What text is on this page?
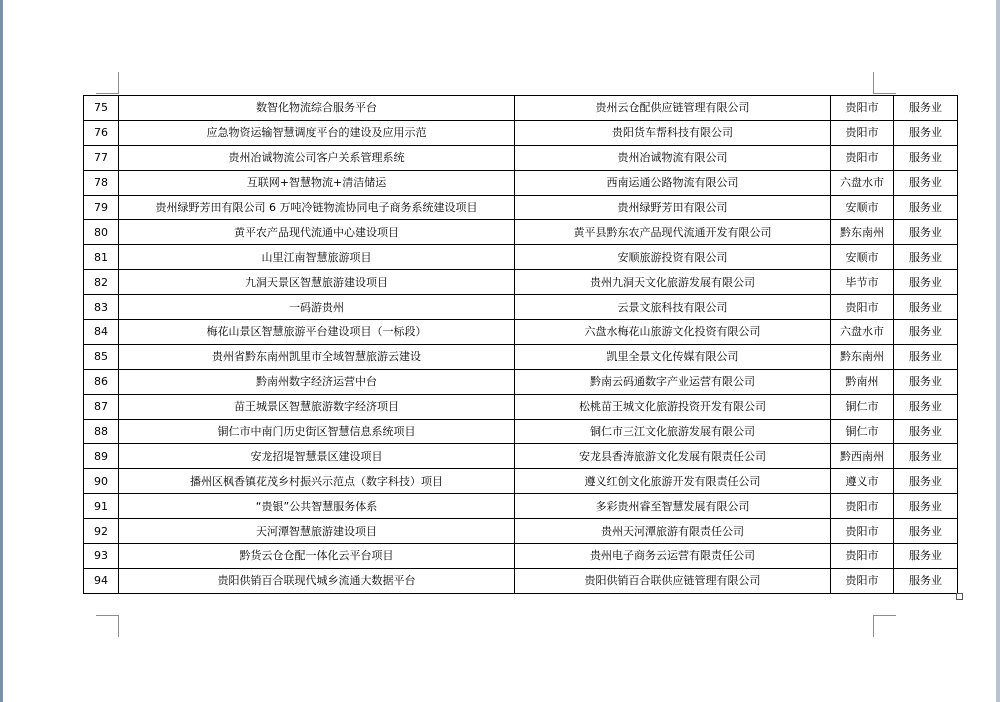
75	数智化物流综合服务平台	贵州云仓配供应链管理有限公司	贵阳市	服务业
76	应急物资运输智慧调度平台的建设及应用示范	贵阳货车帮科技有限公司	贵阳市	服务业
77	贵州冶诚物流公司客户关系管理系统	贵州冶诚物流有限公司	贵阳市	服务业
78	互联网+智慧物流+清洁储运	西南运通公路物流有限公司	六盘水市	服务业
79	贵州绿野芳田有限公司 6 万吨冷链物流协同电子商务系统建设项目	贵州绿野芳田有限公司	安顺市	服务业
80	黄平农产品现代流通中心建设项目	黄平县黔东农产品现代流通开发有限公司	黔东南州	服务业
81	山里江南智慧旅游项目	安顺旅游投资有限公司	安顺市	服务业
82	九洞天景区智慧旅游建设项目	贵州九洞天文化旅游发展有限公司	毕节市	服务业
83	一码游贵州	云景文旅科技有限公司	贵阳市	服务业
84	梅花山景区智慧旅游平台建设项目（一标段）	六盘水梅花山旅游文化投资有限公司	六盘水市	服务业
85	贵州省黔东南州凯里市全域智慧旅游云建设	凯里全景文化传媒有限公司	黔东南州	服务业
86	黔南州数字经济运营中台	黔南云码通数字产业运营有限公司	黔南州	服务业
87	苗王城景区智慧旅游数字经济项目	松桃苗王城文化旅游投资开发有限公司	铜仁市	服务业
88	铜仁市中南门历史街区智慧信息系统项目	铜仁市三江文化旅游发展有限公司	铜仁市	服务业
89	安龙招堤智慧景区建设项目	安龙县香涛旅游文化发展有限责任公司	黔西南州	服务业
90	播州区枫香镇花茂乡村振兴示范点（数字科技）项目	遵义红创文化旅游开发有限责任公司	遵义市	服务业
91	“贵银”公共智慧服务体系	多彩贵州睿至智慧发展有限公司	贵阳市	服务业
92	天河潭智慧旅游建设项目	贵州天河潭旅游有限责任公司	贵阳市	服务业
93	黔货云仓仓配一体化云平台项目	贵州电子商务云运营有限责任公司	贵阳市	服务业
94	贵阳供销百合联现代城乡流通大数据平台	贵阳供销百合联供应链管理有限公司	贵阳市	服务业
